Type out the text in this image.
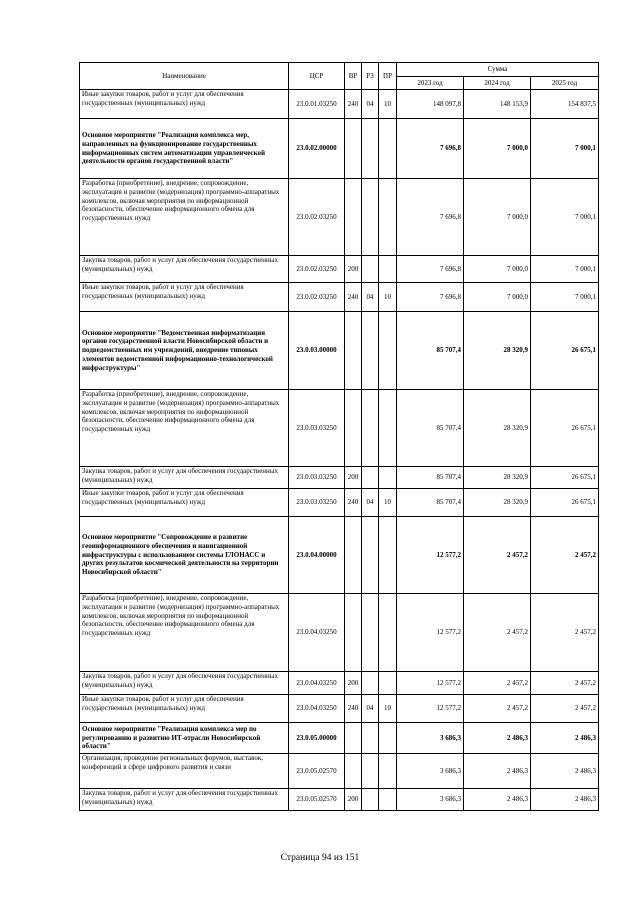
Наименование	ЦСР	ВР	РЗ	ПР	Сумма		
					2023 год	2024 год	2025 год
Иные закупки товаров, работ и услуг для обеспечения государственных (муниципальных) нужд	23.0.01.03250	240	04	10	148 097,8	148 153,9	154 837,5
Основное мероприятие "Реализация комплекса мер, направленных на функционирование государственных информационных систем автоматизации управленческой деятельности органов государственной власти"	23.0.02.00000				7 696,8	7 000,0	7 000,1
Разработка (приобретение), внедрение, сопровождение, эксплуатация и развитие (модернизация) программно-аппаратных комплексов, включая мероприятия по информационной безопасности, обеспечение информационного обмена для государственных нужд	23.0.02.03250				7 696,8	7 000,0	7 000,1
Закупка товаров, работ и услуг для обеспечения государственных (муниципальных) нужд	23.0.02.03250	200			7 696,8	7 000,0	7 000,1
Иные закупки товаров, работ и услуг для обеспечения государственных (муниципальных) нужд	23.0.02.03250	240	04	10	7 696,8	7 000,0	7 000,1
Основное мероприятие "Ведомственная информатизация органов государственной власти Новосибирской области и подведомственных им учреждений, внедрение типовых элементов ведомственной информационно-технологической инфраструктуры"	23.0.03.00000				85 707,4	28 320,9	26 675,1
Разработка (приобретение), внедрение, сопровождение, эксплуатация и развитие (модернизация) программно-аппаратных комплексов, включая мероприятия по информационной безопасности, обеспечение информационного обмена для государственных нужд	23.0.03.03250				85 707,4	28 320,9	26 675,1
Закупка товаров, работ и услуг для обеспечения государственных (муниципальных) нужд	23.0.03.03250	200			85 707,4	28 320,9	26 675,1
Иные закупки товаров, работ и услуг для обеспечения государственных (муниципальных) нужд	23.0.03.03250	240	04	10	85 707,4	28 320,9	26 675,1
Основное мероприятие "Сопровождение и развитие геоинформационного обеспечения и навигационной инфраструктуры с использованием системы ГЛОНАСС и других результатов космической деятельности на территории Новосибирской области"	23.0.04.00000				12 577,2	2 457,2	2 457,2
Разработка (приобретение), внедрение, сопровождение, эксплуатация и развитие (модернизация) программно-аппаратных комплексов, включая мероприятия по информационной безопасности, обеспечение информационного обмена для государственных нужд	23.0.04.03250				12 577,2	2 457,2	2 457,2
Закупка товаров, работ и услуг для обеспечения государственных (муниципальных) нужд	23.0.04.03250	200			12 577,2	2 457,2	2 457,2
Иные закупки товаров, работ и услуг для обеспечения государственных (муниципальных) нужд	23.0.04.03250	240	04	10	12 577,2	2 457,2	2 457,2
Основное мероприятие "Реализация комплекса мер по регулированию и развитию ИТ-отрасли Новосибирской области"	23.0.05.00000				3 686,3	2 486,3	2 486,3
Организация, проведение региональных форумов, выставок, конференций в сфере цифрового развития и связи	23.0.05.02570				3 686,3	2 486,3	2 486,3
Закупка товаров, работ и услуг для обеспечения государственных (муниципальных) нужд	23.0.05.02570	200			3 686,3	2 486,3	2 486,3
Страница 94 из 151
